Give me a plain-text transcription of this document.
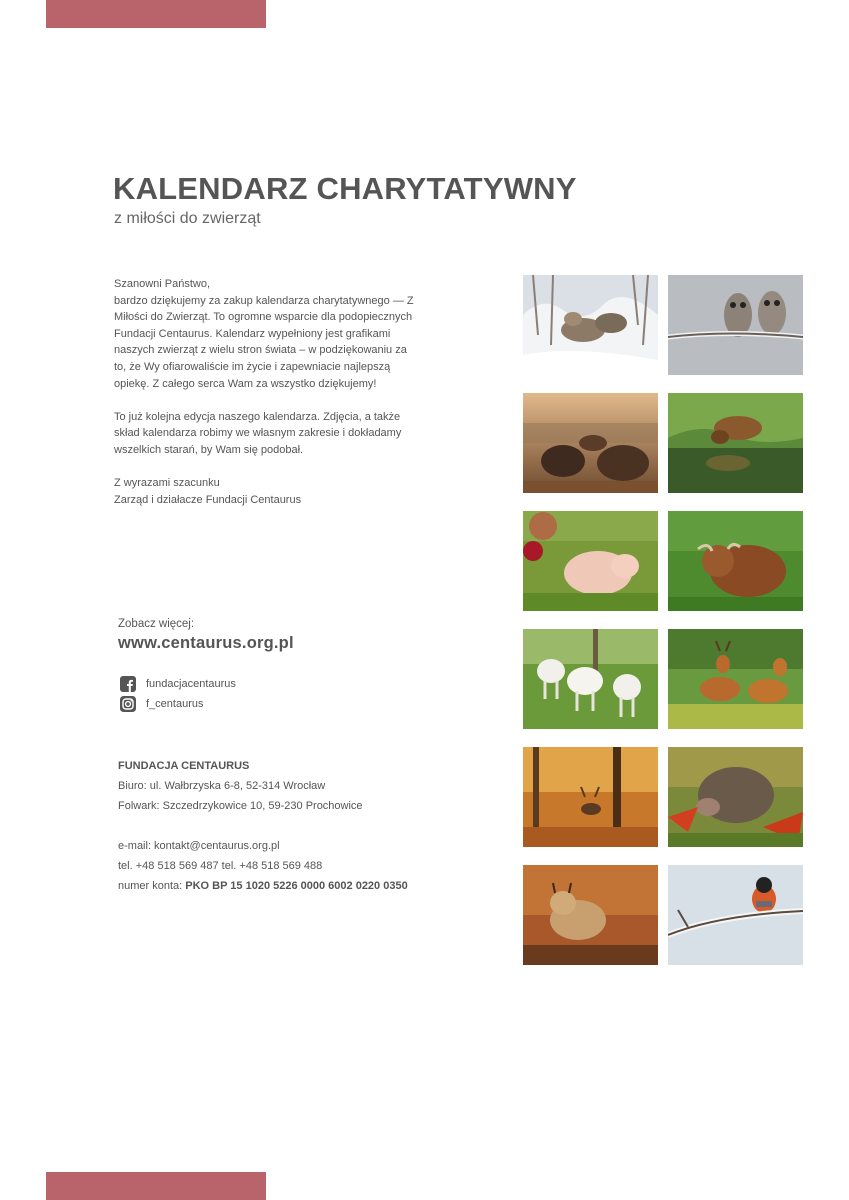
KALENDARZ CHARYTATYWNY
z miłości do zwierząt

Szanowni Państwo,
bardzo dziękujemy za zakup kalendarza charytatywnego — Z Miłości do Zwierząt. To ogromne wsparcie dla podopiecznych Fundacji Centaurus. Kalendarz wypełniony jest grafikami naszych zwierząt z wielu stron świata – w podziękowaniu za to, że Wy ofiarowaliście im życie i zapewniacie najlepszą opiekę. Z całego serca Wam za wszystko dziękujemy!

To już kolejna edycja naszego kalendarza. Zdjęcia, a także skład kalendarza robimy we własnym zakresie i dokładamy wszelkich starań, by Wam się podobał.

Z wyrazami szacunku
Zarząd i działacze Fundacji Centaurus

Zobacz więcej:
www.centaurus.org.pl
fundacjacentaurus
f_centaurus
FUNDACJA CENTAURUS
Biuro: ul. Wałbrzyska 6-8, 52-314 Wrocław
Folwark: Szczedrzykowice 10, 59-230 Prochowice
e-mail: kontakt@centaurus.org.pl
tel. +48 518 569 487 tel. +48 518 569 488
numer konta: PKO BP 15 1020 5226 0000 6002 0220 0350
